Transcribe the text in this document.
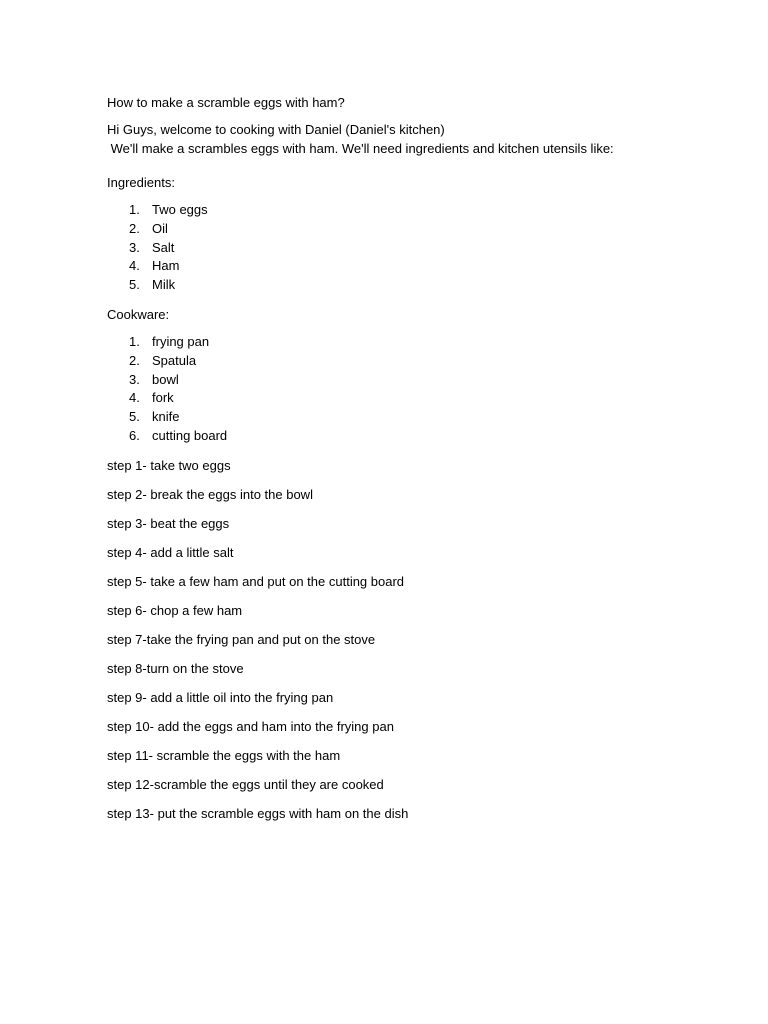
How to make a scramble eggs with ham?

Hi Guys, welcome to cooking with Daniel (Daniel's kitchen)

We'll make a scrambles eggs with ham. We'll need ingredients and kitchen utensils like:

Ingredients:

1. Two eggs
2. Oil
3. Salt
4. Ham
5. Milk

Cookware:

1. frying pan
2. Spatula
3. bowl
4. fork
5. knife
6. cutting board

step 1- take two eggs

step 2- break the eggs into the bowl

step 3- beat the eggs

step 4- add a little salt

step 5- take a few ham and put on the cutting board

step 6- chop a few ham

step 7-take the frying pan and put on the stove

step 8-turn on the stove

step 9- add a little oil into the frying pan

step 10- add the eggs and ham into the frying pan

step 11- scramble the eggs with the ham

step 12-scramble the eggs until they are cooked

step 13- put the scramble eggs with ham on the dish
